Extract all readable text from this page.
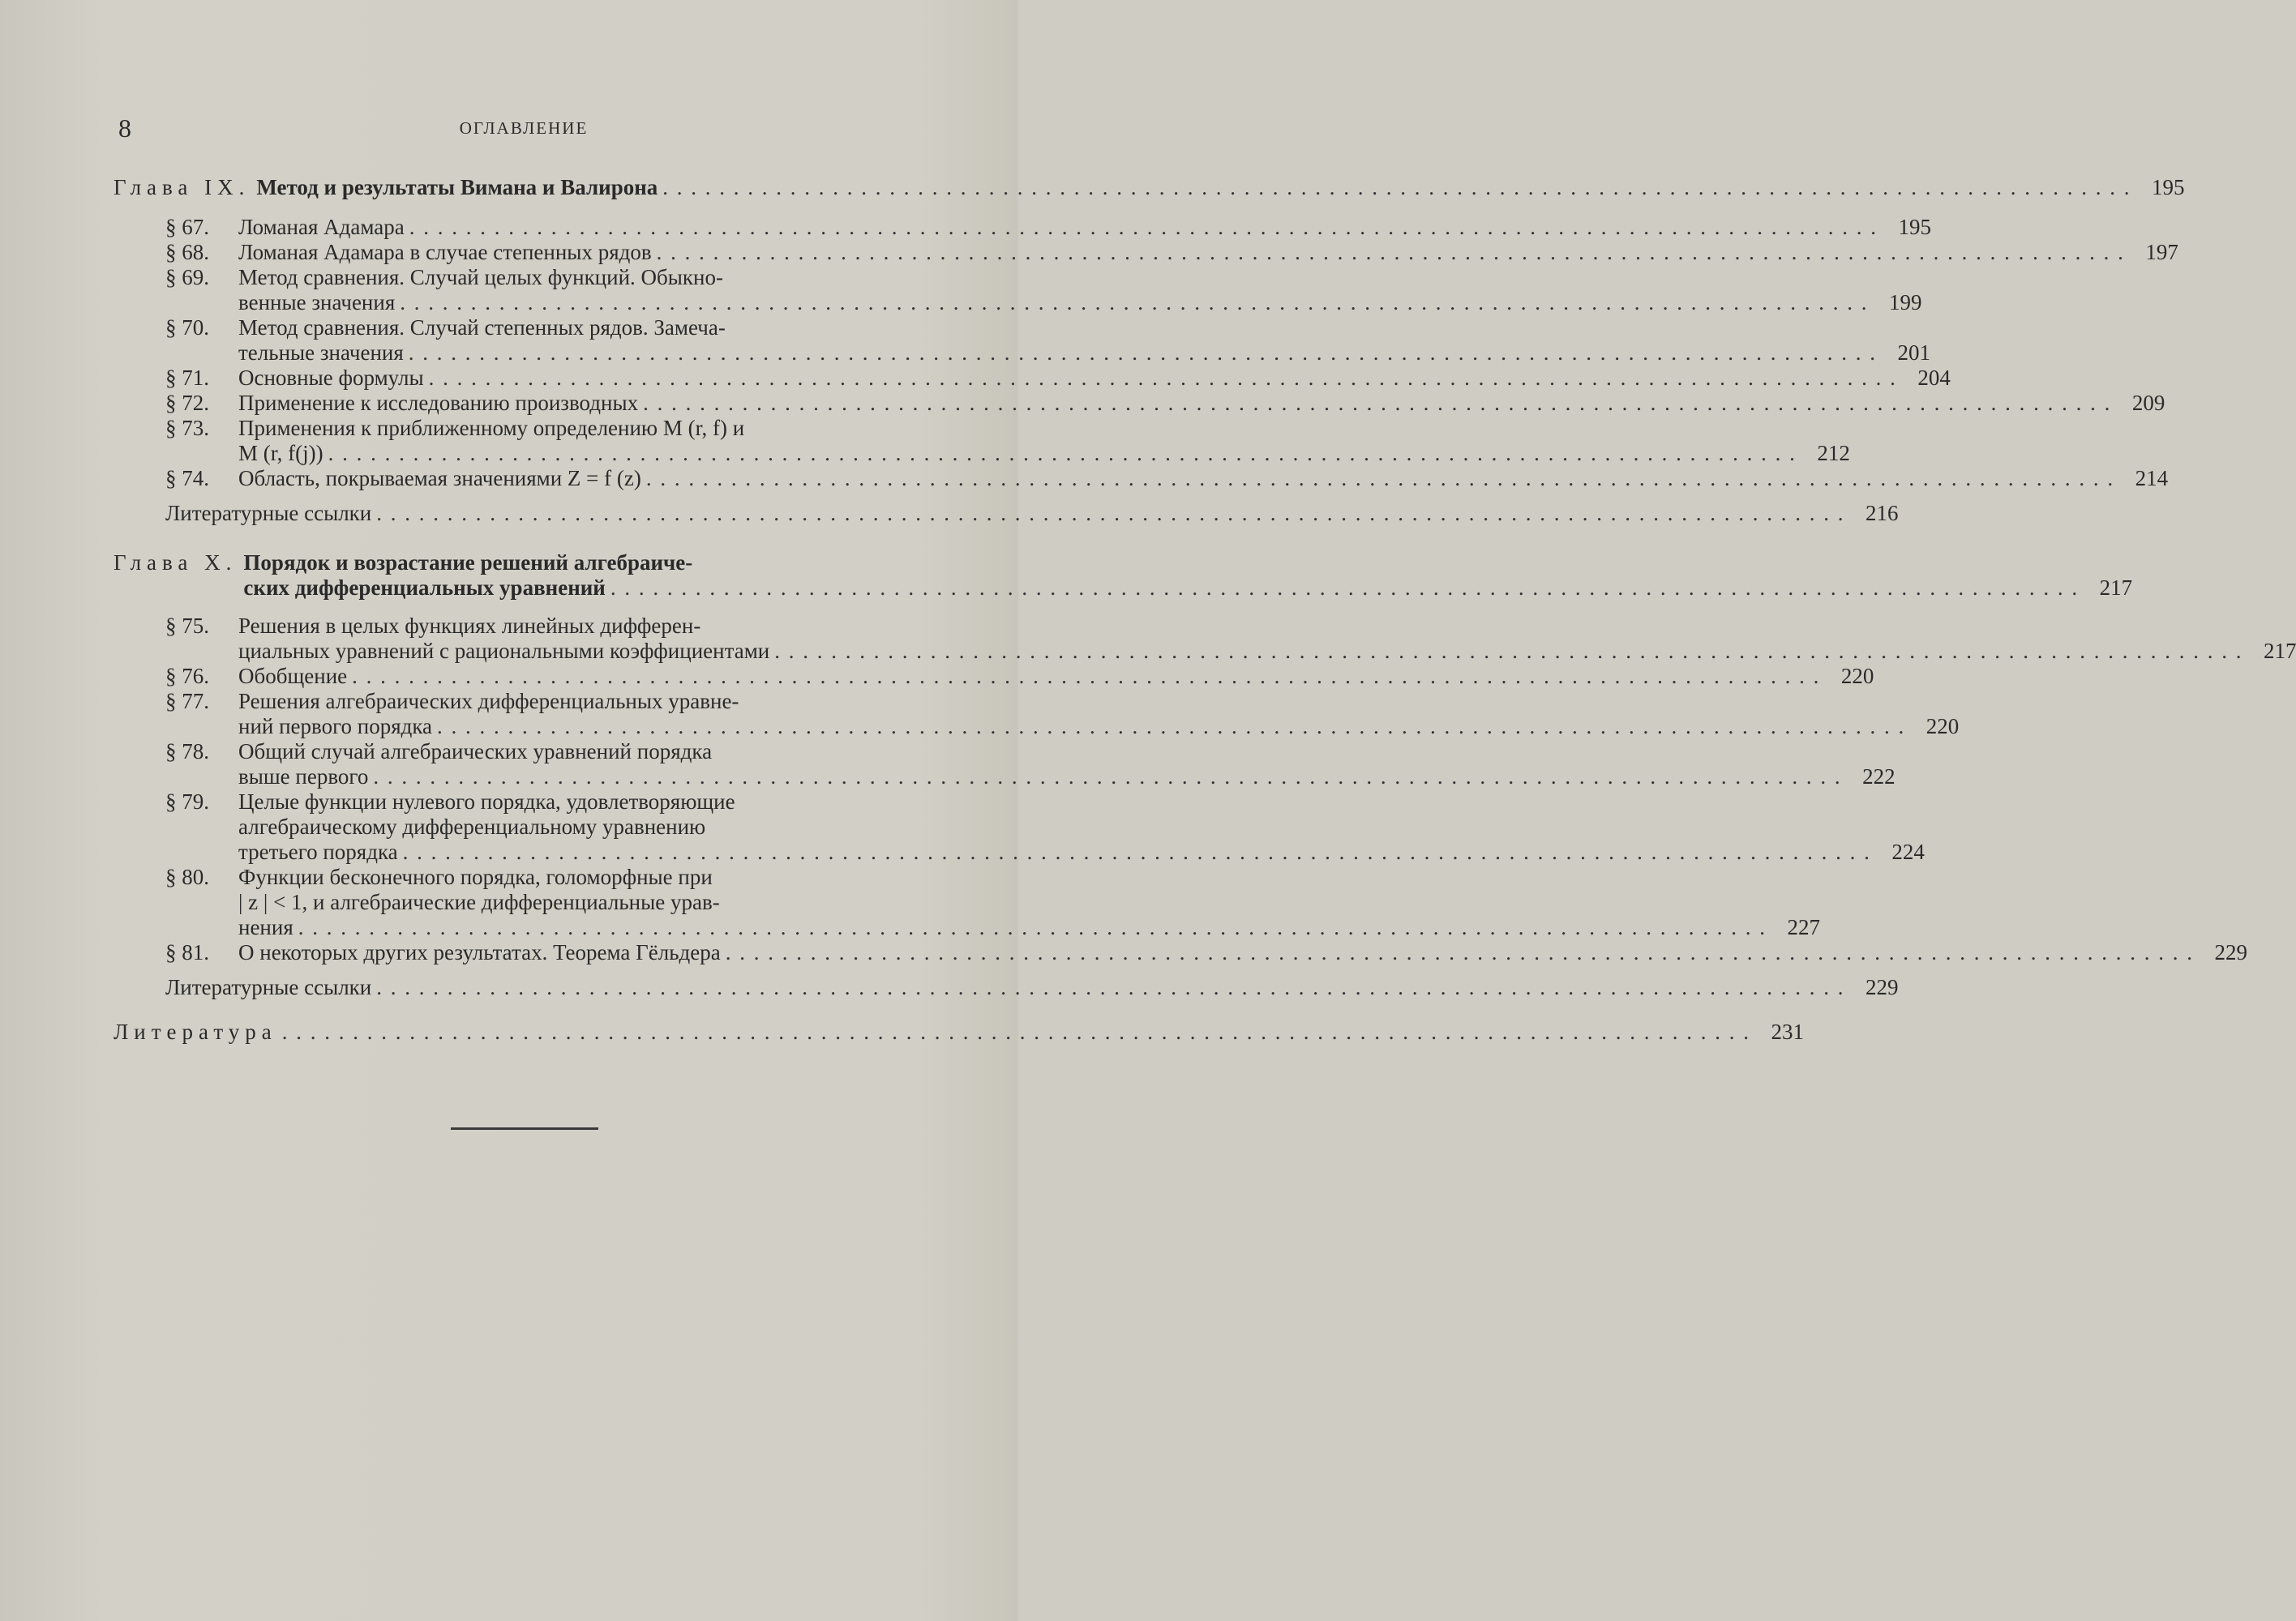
8	ОГЛАВЛЕНИЕ
Глава IX. Метод и результаты Вимана и Валирона . . .	195
§ 67.	Ломаная Адамара . . .	195
§ 68.	Ломаная Адамара в случае степенных рядов . . .	197
§ 69.	Метод сравнения. Случай целых функций. Обыкно-
венные значения . . .	199
§ 70.	Метод сравнения. Случай степенных рядов. Замеча-
тельные значения . . .	201
§ 71.	Основные формулы . . .	204
§ 72.	Применение к исследованию производных . . .	209
§ 73.	Применения к приближенному определению M (r, f) и
M (r, f(j)) . . .	212
§ 74.	Область, покрываемая значениями Z = f (z) . . .	214
Литературные ссылки . . .	216
Глава X. Порядок и возрастание решений алгебраиче-
ских дифференциальных уравнений . . .	217
§ 75.	Решения в целых функциях линейных дифферен-
циальных уравнений с рациональными коэффициентами . . .	217
§ 76.	Обобщение . . .	220
§ 77.	Решения алгебраических дифференциальных уравне-
ний первого порядка . . .	220
§ 78.	Общий случай алгебраических уравнений порядка
выше первого . . .	222
§ 79.	Целые функции нулевого порядка, удовлетворяющие
алгебраическому дифференциальному уравнению
третьего порядка . . .	224
§ 80.	Функции бесконечного порядка, голоморфные при
| z | < 1, и алгебраические дифференциальные урав-
нения . . .	227
§ 81.	О некоторых других результатах. Теорема Гёльдера . . .	229
Литературные ссылки . . .	229
Литература . . .	231
